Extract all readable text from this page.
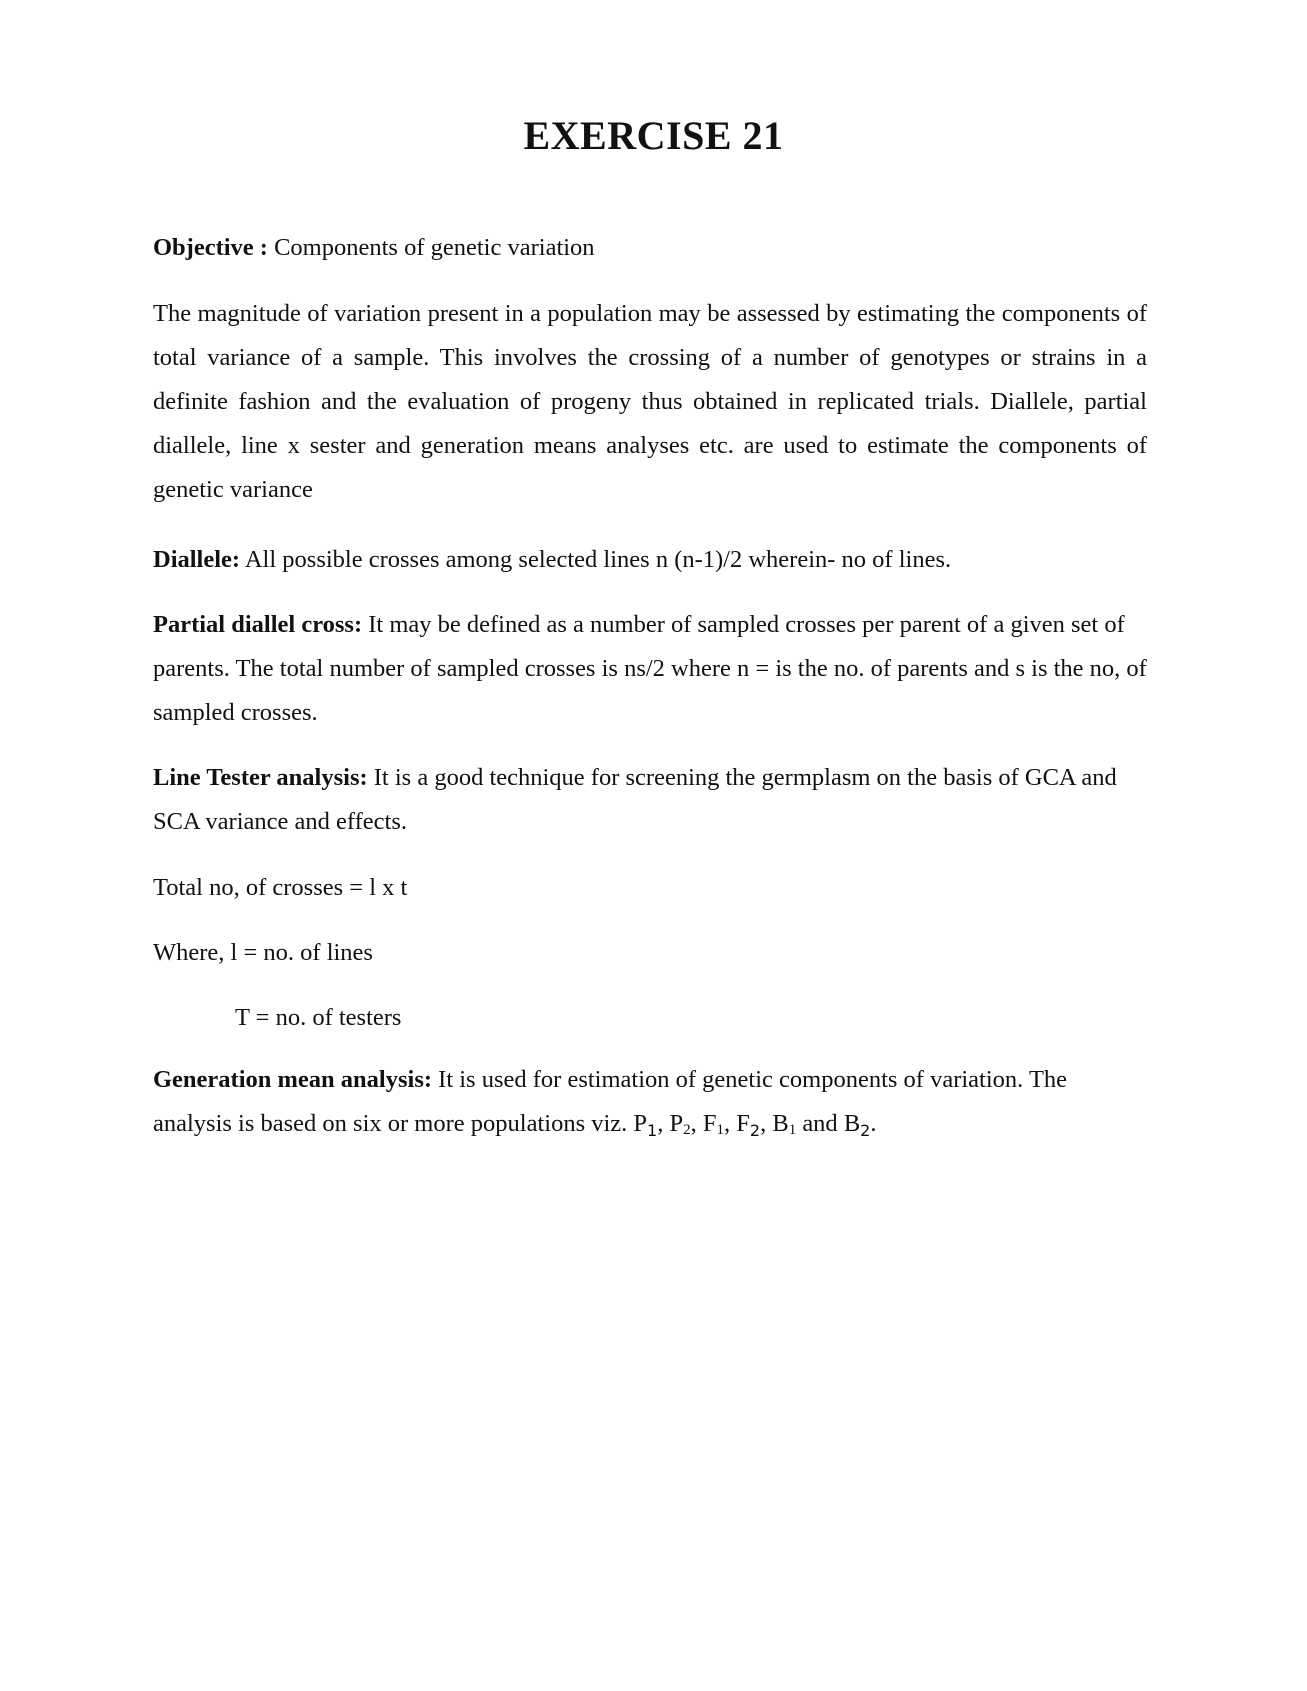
EXERCISE 21

Objective : Components of genetic variation

The magnitude of variation present in a population may be assessed by estimating the components of total variance of a sample. This involves the crossing of a number of genotypes or strains in a definite fashion and the evaluation of progeny thus obtained in replicated trials. Diallele, partial diallele, line x sester and generation means analyses etc. are used to estimate the components of genetic variance

Diallele: All possible crosses among selected lines n (n-1)/2 wherein- no of lines.

Partial diallel cross: It may be defined as a number of sampled crosses per parent of a given set of parents. The total number of sampled crosses is ns/2 where n = is the no. of parents and s is the no, of sampled crosses.

Line Tester analysis: It is a good technique for screening the germplasm on the basis of GCA and SCA variance and effects.

Total no, of crosses = l x t

Where, l = no. of lines

T = no. of testers

Generation mean analysis: It is used for estimation of genetic components of variation. The analysis is based on six or more populations viz. $P_1$, P2, F1, $F_2$, B1 and $B_2$.
